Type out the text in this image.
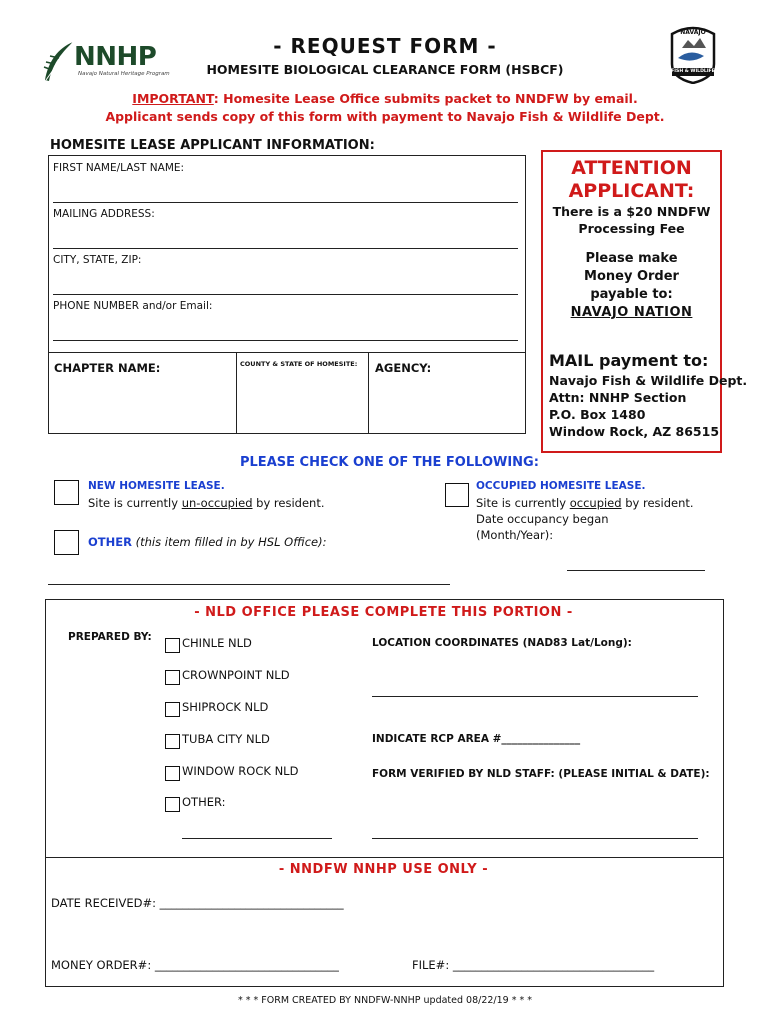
NNHP
Navajo Natural Heritage Program
- REQUEST FORM -
HOMESITE BIOLOGICAL CLEARANCE FORM (HSBCF)
NAVAJO
FISH & WILDLIFE
IMPORTANT: Homesite Lease Office submits packet to NNDFW by email.
Applicant sends copy of this form with payment to Navajo Fish & Wildlife Dept.
HOMESITE LEASE APPLICANT INFORMATION:
FIRST NAME/LAST NAME:
MAILING ADDRESS:
CITY, STATE, ZIP:
PHONE NUMBER and/or Email:
CHAPTER NAME:	COUNTY & STATE OF HOMESITE: AGENCY:
ATTENTION
APPLICANT:
There is a $20 NNDFW
Processing Fee
Please make
Money Order
payable to:
NAVAJO NATION
MAIL payment to:
Navajo Fish & Wildlife Dept.
Attn: NNHP Section
P.O. Box 1480
Window Rock, AZ 86515
PLEASE CHECK ONE OF THE FOLLOWING:
NEW HOMESITE LEASE.
Site is currently un-occupied by resident.
OTHER (this item filled in by HSL Office):
OCCUPIED HOMESITE LEASE.
Site is currently occupied by resident.
Date occupancy began
(Month/Year):
- NLD OFFICE PLEASE COMPLETE THIS PORTION -
PREPARED BY:	CHINLE NLD
CROWNPOINT NLD
SHIPROCK NLD
TUBA CITY NLD
WINDOW ROCK NLD
OTHER:
LOCATION COORDINATES (NAD83 Lat/Long):
INDICATE RCP AREA #_______________
FORM VERIFIED BY NLD STAFF: (PLEASE INITIAL & DATE):
- NNDFW NNHP USE ONLY -
DATE RECEIVED#: ________________________________
MONEY ORDER#: ________________________________	FILE#: ___________________________________
* * * FORM CREATED BY NNDFW-NNHP updated 08/22/19 * * *
